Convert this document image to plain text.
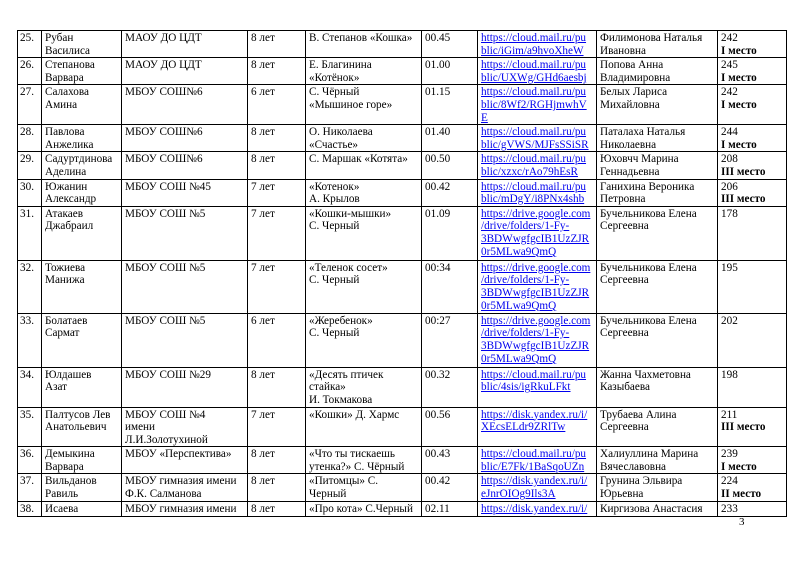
25.	Рубан
Василиса	МАОУ ДО ЦДТ	8 лет	В. Степанов «Кошка»	00.45	https://cloud.mail.ru/pu
blic/iGim/a9hvoXheW	Филимонова Наталья
Ивановна	242
I место

26.	Степанова
Варвара	МАОУ ДО ЦДТ	8 лет	Е. Благинина
«Котёнок»	01.00	https://cloud.mail.ru/pu
blic/UXWg/GHd6aesbj	Попова Анна
Владимировна	245
I место

27.	Салахова
Амина	МБОУ СОШ№6	6 лет	С. Чёрный
«Мышиное горе»	01.15	https://cloud.mail.ru/pu
blic/8Wf2/RGHjmwhV
E	Белых Лариса
Михайловна	242
I место

28.	Павлова
Анжелика	МБОУ СОШ№6	8 лет	О. Николаева
«Счастье»	01.40	https://cloud.mail.ru/pu
blic/gVWS/MJFsSSiSR	Паталаха Наталья
Николаевна	244
I место

29.	Садуртдинова
Аделина	МБОУ СОШ№6	8 лет	С. Маршак «Котята»	00.50	https://cloud.mail.ru/pu
blic/xzxc/rAo79hEsR	Юховчч Марина
Геннадьевна	208
III место

30.	Южанин
Александр	МБОУ СОШ №45	7 лет	«Котенок»
А. Крылов	00.42	https://cloud.mail.ru/pu
blic/mDgY/i8PNx4shb	Ганихина Вероника
Петровна	206
III место

31.	Атакаев
Джабраил	МБОУ СОШ №5	7 лет	«Кошки-мышки»
С. Черный	01.09	https://drive.google.com
/drive/folders/1-Fy-
3BDWwgfgcIB1UzZJR
0r5MLwa9QmQ	Бучельникова Елена
Сергеевна	178

32.	Тожиева
Манижа	МБОУ СОШ №5	7 лет	«Теленок сосет»
С. Черный	00:34	https://drive.google.com
/drive/folders/1-Fy-
3BDWwgfgcIB1UzZJR
0r5MLwa9QmQ	Бучельникова Елена
Сергеевна	195

33.	Болатаев
Сармат	МБОУ СОШ №5	6 лет	«Жеребенок»
С. Черный	00:27	https://drive.google.com
/drive/folders/1-Fy-
3BDWwgfgcIB1UzZJR
0r5MLwa9QmQ	Бучельникова Елена
Сергеевна	202

34.	Юлдашев
Азат	МБОУ СОШ №29	8 лет	«Десять птичек
стайка»
И. Токмакова	00.32	https://cloud.mail.ru/pu
blic/4sis/igRkuLFkt	Жанна Чахметовна
Казыбаева	198

35.	Палтусов Лев
Анатольевич	МБОУ СОШ №4
имени
Л.И.Золотухиной	7 лет	«Кошки» Д. Хармс	00.56	https://disk.yandex.ru/i/
XEcsELdr9ZRlTw	Трубаева Алина
Сергеевна	211
III место

36.	Демыкина
Варвара	МБОУ «Перспектива»	8 лет	«Что ты тискаешь
утенка?» С. Чёрный	00.43	https://cloud.mail.ru/pu
blic/E7Fk/1BaSqoUZn	Халиуллина Марина
Вячеславовна	239
I место

37.	Вильданов
Равиль	МБОУ гимназия имени
Ф.К. Салманова	8 лет	«Питомцы» С.
Черный	00.42	https://disk.yandex.ru/i/
eJnrOIOg9Ils3A	Грунина Эльвира
Юрьевна	224
II место

38.	Исаева	МБОУ гимназия имени	8 лет	«Про кота» С.Черный	02.11	https://disk.yandex.ru/i/	Киргизова Анастасия	233
3
